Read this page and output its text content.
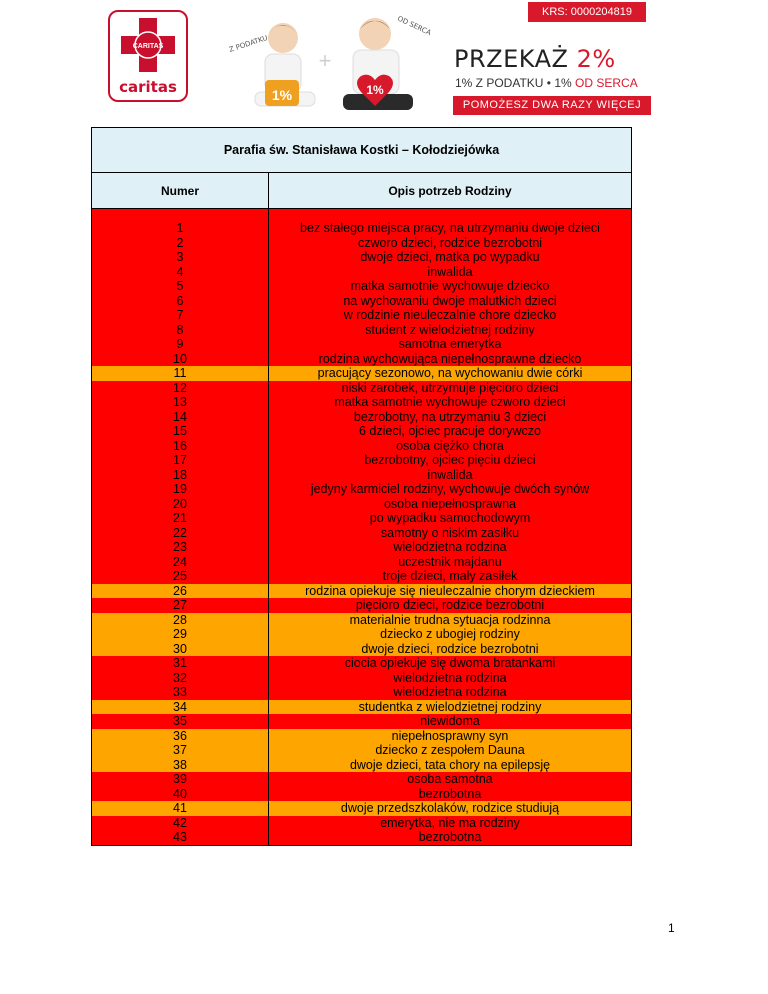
CARITAS
caritas	1%
+
1%
Z PODATKU
OD SERCA
KRS: 0000204819
PRZEKAŻ 2%
1% Z PODATKU • 1% OD SERCA
POMOŻESZ DWA RAZY WIĘCEJ
Parafia św. Stanisława Kostki – Kołodziejówka	
Numer	Opis potrzeb Rodziny

1	bez stałego miejsca pracy, na utrzymaniu dwoje dzieci
2	czworo dzieci, rodzice bezrobotni
3	dwoje dzieci, matka po wypadku
4	inwalida
5	matka samotnie wychowuje dziecko
6	na wychowaniu dwoje malutkich dzieci
7	w rodzinie nieuleczalnie chore dziecko
8	student z wielodzietnej rodziny
9	samotna emerytka
10	rodzina wychowująca niepełnosprawne dziecko
11	pracujący sezonowo, na wychowaniu dwie córki
12	niski zarobek, utrzymuje pięcioro dzieci
13	matka samotnie wychowuje czworo dzieci
14	bezrobotny, na utrzymaniu 3 dzieci
15	6 dzieci, ojciec pracuje dorywczo
16	osoba ciężko chora
17	bezrobotny, ojciec pięciu dzieci
18	inwalida
19	jedyny karmiciel rodziny, wychowuje dwóch synów
20	osoba niepełnosprawna
21	po wypadku samochodowym
22	samotny o niskim zasiłku
23	wielodzietna rodzina
24	uczestnik majdanu
25	troje dzieci, mały zasiłek
26	rodzina opiekuje się nieuleczalnie chorym dzieckiem
27	pięcioro dzieci, rodzice bezrobotni
28	materialnie trudna sytuacja rodzinna
29	dziecko z ubogiej rodziny
30	dwoje dzieci, rodzice bezrobotni
31	ciocia opiekuje się dwoma bratankami
32	wielodzietna rodzina
33	wielodzietna rodzina
34	studentka z wielodzietnej rodziny
35	niewidoma
36	niepełnosprawny syn
37	dziecko z zespołem Dauna
38	dwoje dzieci, tata chory na epilepsję
39	osoba samotna
40	bezrobotna
41	dwoje przedszkolaków, rodzice studiują
42	emerytka, nie ma rodziny
43	bezrobotna
1
